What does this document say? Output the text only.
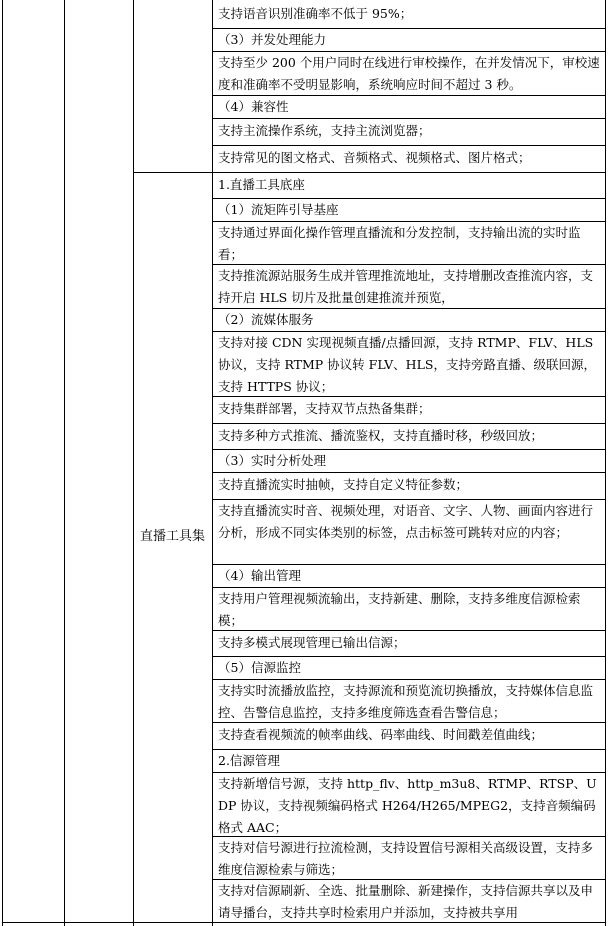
支持语音识别准确率不低于 95%；
（3）并发处理能力
支持至少 200 个用户同时在线进行审校操作，在并发情况下，审校速度和准确率不受明显影响，系统响应时间不超过 3 秒。
（4）兼容性
支持主流操作系统，支持主流浏览器；
支持常见的图文格式、音频格式、视频格式、图片格式；
直播工具集
1.直播工具底座
（1）流矩阵引导基座
支持通过界面化操作管理直播流和分发控制，支持输出流的实时监看；
支持推流源站服务生成并管理推流地址，支持增删改查推流内容，支持开启 HLS 切片及批量创建推流并预览，
（2）流媒体服务
支持对接 CDN 实现视频直播/点播回源，支持 RTMP、FLV、HLS协议，支持 RTMP 协议转 FLV、HLS，支持旁路直播、级联回源，支持 HTTPS 协议；
支持集群部署，支持双节点热备集群；
支持多种方式推流、播流鉴权，支持直播时移，秒级回放；
（3）实时分析处理
支持直播流实时抽帧，支持自定义特征参数；
支持直播流实时音、视频处理，对语音、文字、人物、画面内容进行分析，形成不同实体类别的标签，点击标签可跳转对应的内容；
（4）输出管理
支持用户管理视频流输出，支持新建、删除，支持多维度信源检索模；
支持多模式展现管理已输出信源；
（5）信源监控
支持实时流播放监控，支持源流和预览流切换播放，支持媒体信息监控、告警信息监控，支持多维度筛选查看告警信息；
支持查看视频流的帧率曲线、码率曲线、时间戳差值曲线；
2.信源管理
支持新增信号源，支持 http_flv、http_m3u8、RTMP、RTSP、UDP 协议，支持视频编码格式 H264/H265/MPEG2，支持音频编码格式 AAC；
支持对信号源进行拉流检测，支持设置信号源相关高级设置，支持多维度信源检索与筛选；
支持对信源刷新、全选、批量删除、新建操作，支持信源共享以及申请导播台，支持共享时检索用户并添加，支持被共享用
